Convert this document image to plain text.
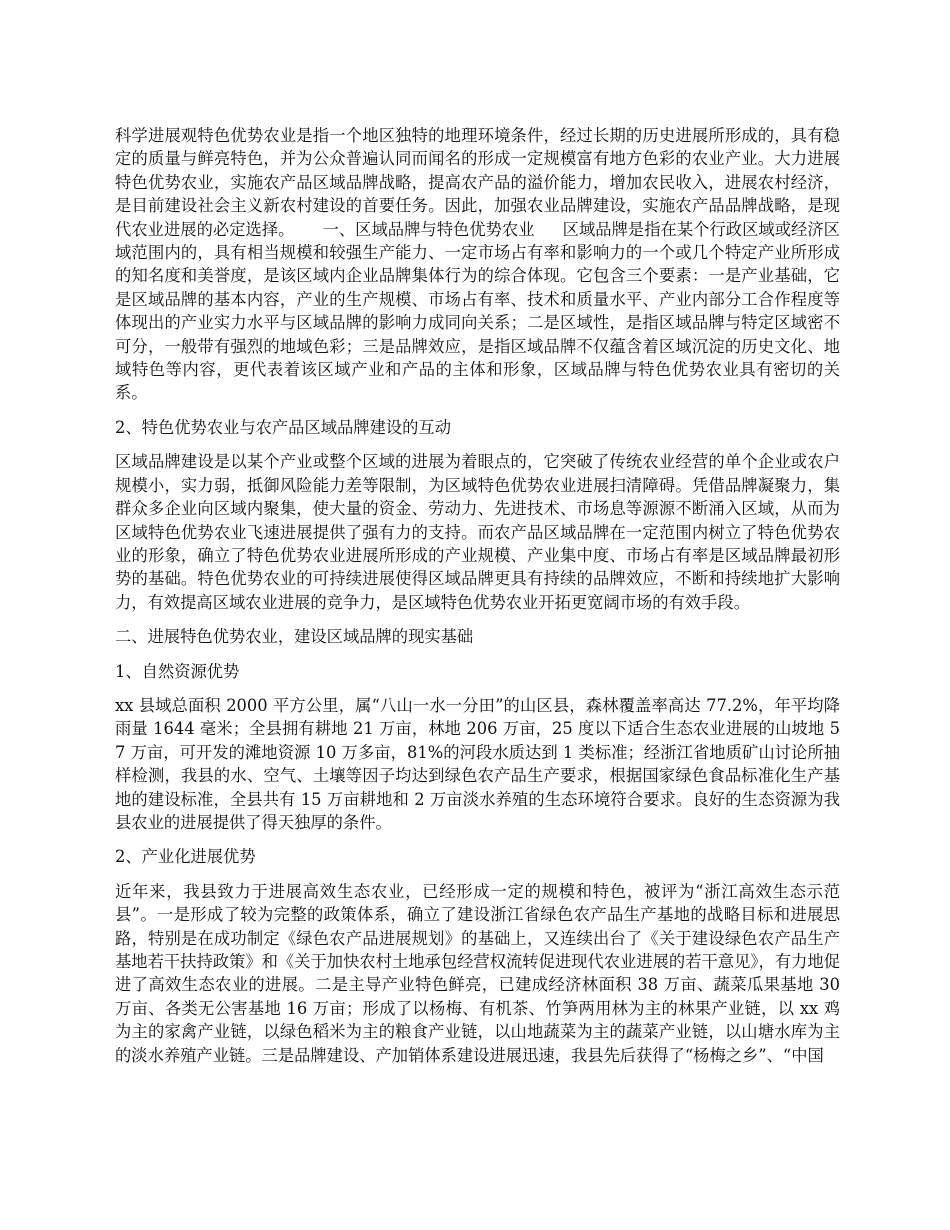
科学进展观特色优势农业是指一个地区独特的地理环境条件，经过长期的历史进展所形成的，具有稳定的质量与鲜亮特色，并为公众普遍认同而闻名的形成一定规模富有地方色彩的农业产业。大力进展特色优势农业，实施农产品区域品牌战略，提高农产品的溢价能力，增加农民收入，进展农村经济，是目前建设社会主义新农村建设的首要任务。因此，加强农业品牌建设，实施农产品品牌战略，是现代农业进展的必定选择。 一、区域品牌与特色优势农业 区域品牌是指在某个行政区域或经济区域范围内的，具有相当规模和较强生产能力、一定市场占有率和影响力的一个或几个特定产业所形成的知名度和美誉度，是该区域内企业品牌集体行为的综合体现。它包含三个要素：一是产业基础，它是区域品牌的基本内容，产业的生产规模、市场占有率、技术和质量水平、产业内部分工合作程度等体现出的产业实力水平与区域品牌的影响力成同向关系；二是区域性，是指区域品牌与特定区域密不可分，一般带有强烈的地域色彩；三是品牌效应，是指区域品牌不仅蕴含着区域沉淀的历史文化、地域特色等内容，更代表着该区域产业和产品的主体和形象，区域品牌与特色优势农业具有密切的关系。

2、特色优势农业与农产品区域品牌建设的互动

区域品牌建设是以某个产业或整个区域的进展为着眼点的，它突破了传统农业经营的单个企业或农户规模小，实力弱，抵御风险能力差等限制，为区域特色优势农业进展扫清障碍。凭借品牌凝聚力，集群众多企业向区域内聚集，使大量的资金、劳动力、先进技术、市场息等源源不断涌入区域，从而为区域特色优势农业飞速进展提供了强有力的支持。而农产品区域品牌在一定范围内树立了特色优势农业的形象，确立了特色优势农业进展所形成的产业规模、产业集中度、市场占有率是区域品牌最初形势的基础。特色优势农业的可持续进展使得区域品牌更具有持续的品牌效应，不断和持续地扩大影响力，有效提高区域农业进展的竞争力，是区域特色优势农业开拓更宽阔市场的有效手段。

二、进展特色优势农业，建设区域品牌的现实基础

1、自然资源优势

xx 县域总面积 2000 平方公里，属“八山一水一分田”的山区县，森林覆盖率高达 77.2%，年平均降雨量 1644 毫米；全县拥有耕地 21 万亩，林地 206 万亩，25 度以下适合生态农业进展的山坡地 57 万亩，可开发的滩地资源 10 万多亩，81%的河段水质达到 1 类标准；经浙江省地质矿山讨论所抽样检测，我县的水、空气、土壤等因子均达到绿色农产品生产要求，根据国家绿色食品标准化生产基地的建设标准，全县共有 15 万亩耕地和 2 万亩淡水养殖的生态环境符合要求。良好的生态资源为我县农业的进展提供了得天独厚的条件。

2、产业化进展优势

近年来，我县致力于进展高效生态农业，已经形成一定的规模和特色，被评为“浙江高效生态示范县”。一是形成了较为完整的政策体系，确立了建设浙江省绿色农产品生产基地的战略目标和进展思路，特别是在成功制定《绿色农产品进展规划》的基础上，又连续出台了《关于建设绿色农产品生产基地若干扶持政策》和《关于加快农村土地承包经营权流转促进现代农业进展的若干意见》，有力地促进了高效生态农业的进展。二是主导产业特色鲜亮，已建成经济林面积 38 万亩、蔬菜瓜果基地 30 万亩、各类无公害基地 16 万亩；形成了以杨梅、有机茶、竹笋两用林为主的林果产业链，以 xx 鸡为主的家禽产业链，以绿色稻米为主的粮食产业链，以山地蔬菜为主的蔬菜产业链，以山塘水库为主的淡水养殖产业链。三是品牌建设、产加销体系建设进展迅速，我县先后获得了“杨梅之乡”、“中国
